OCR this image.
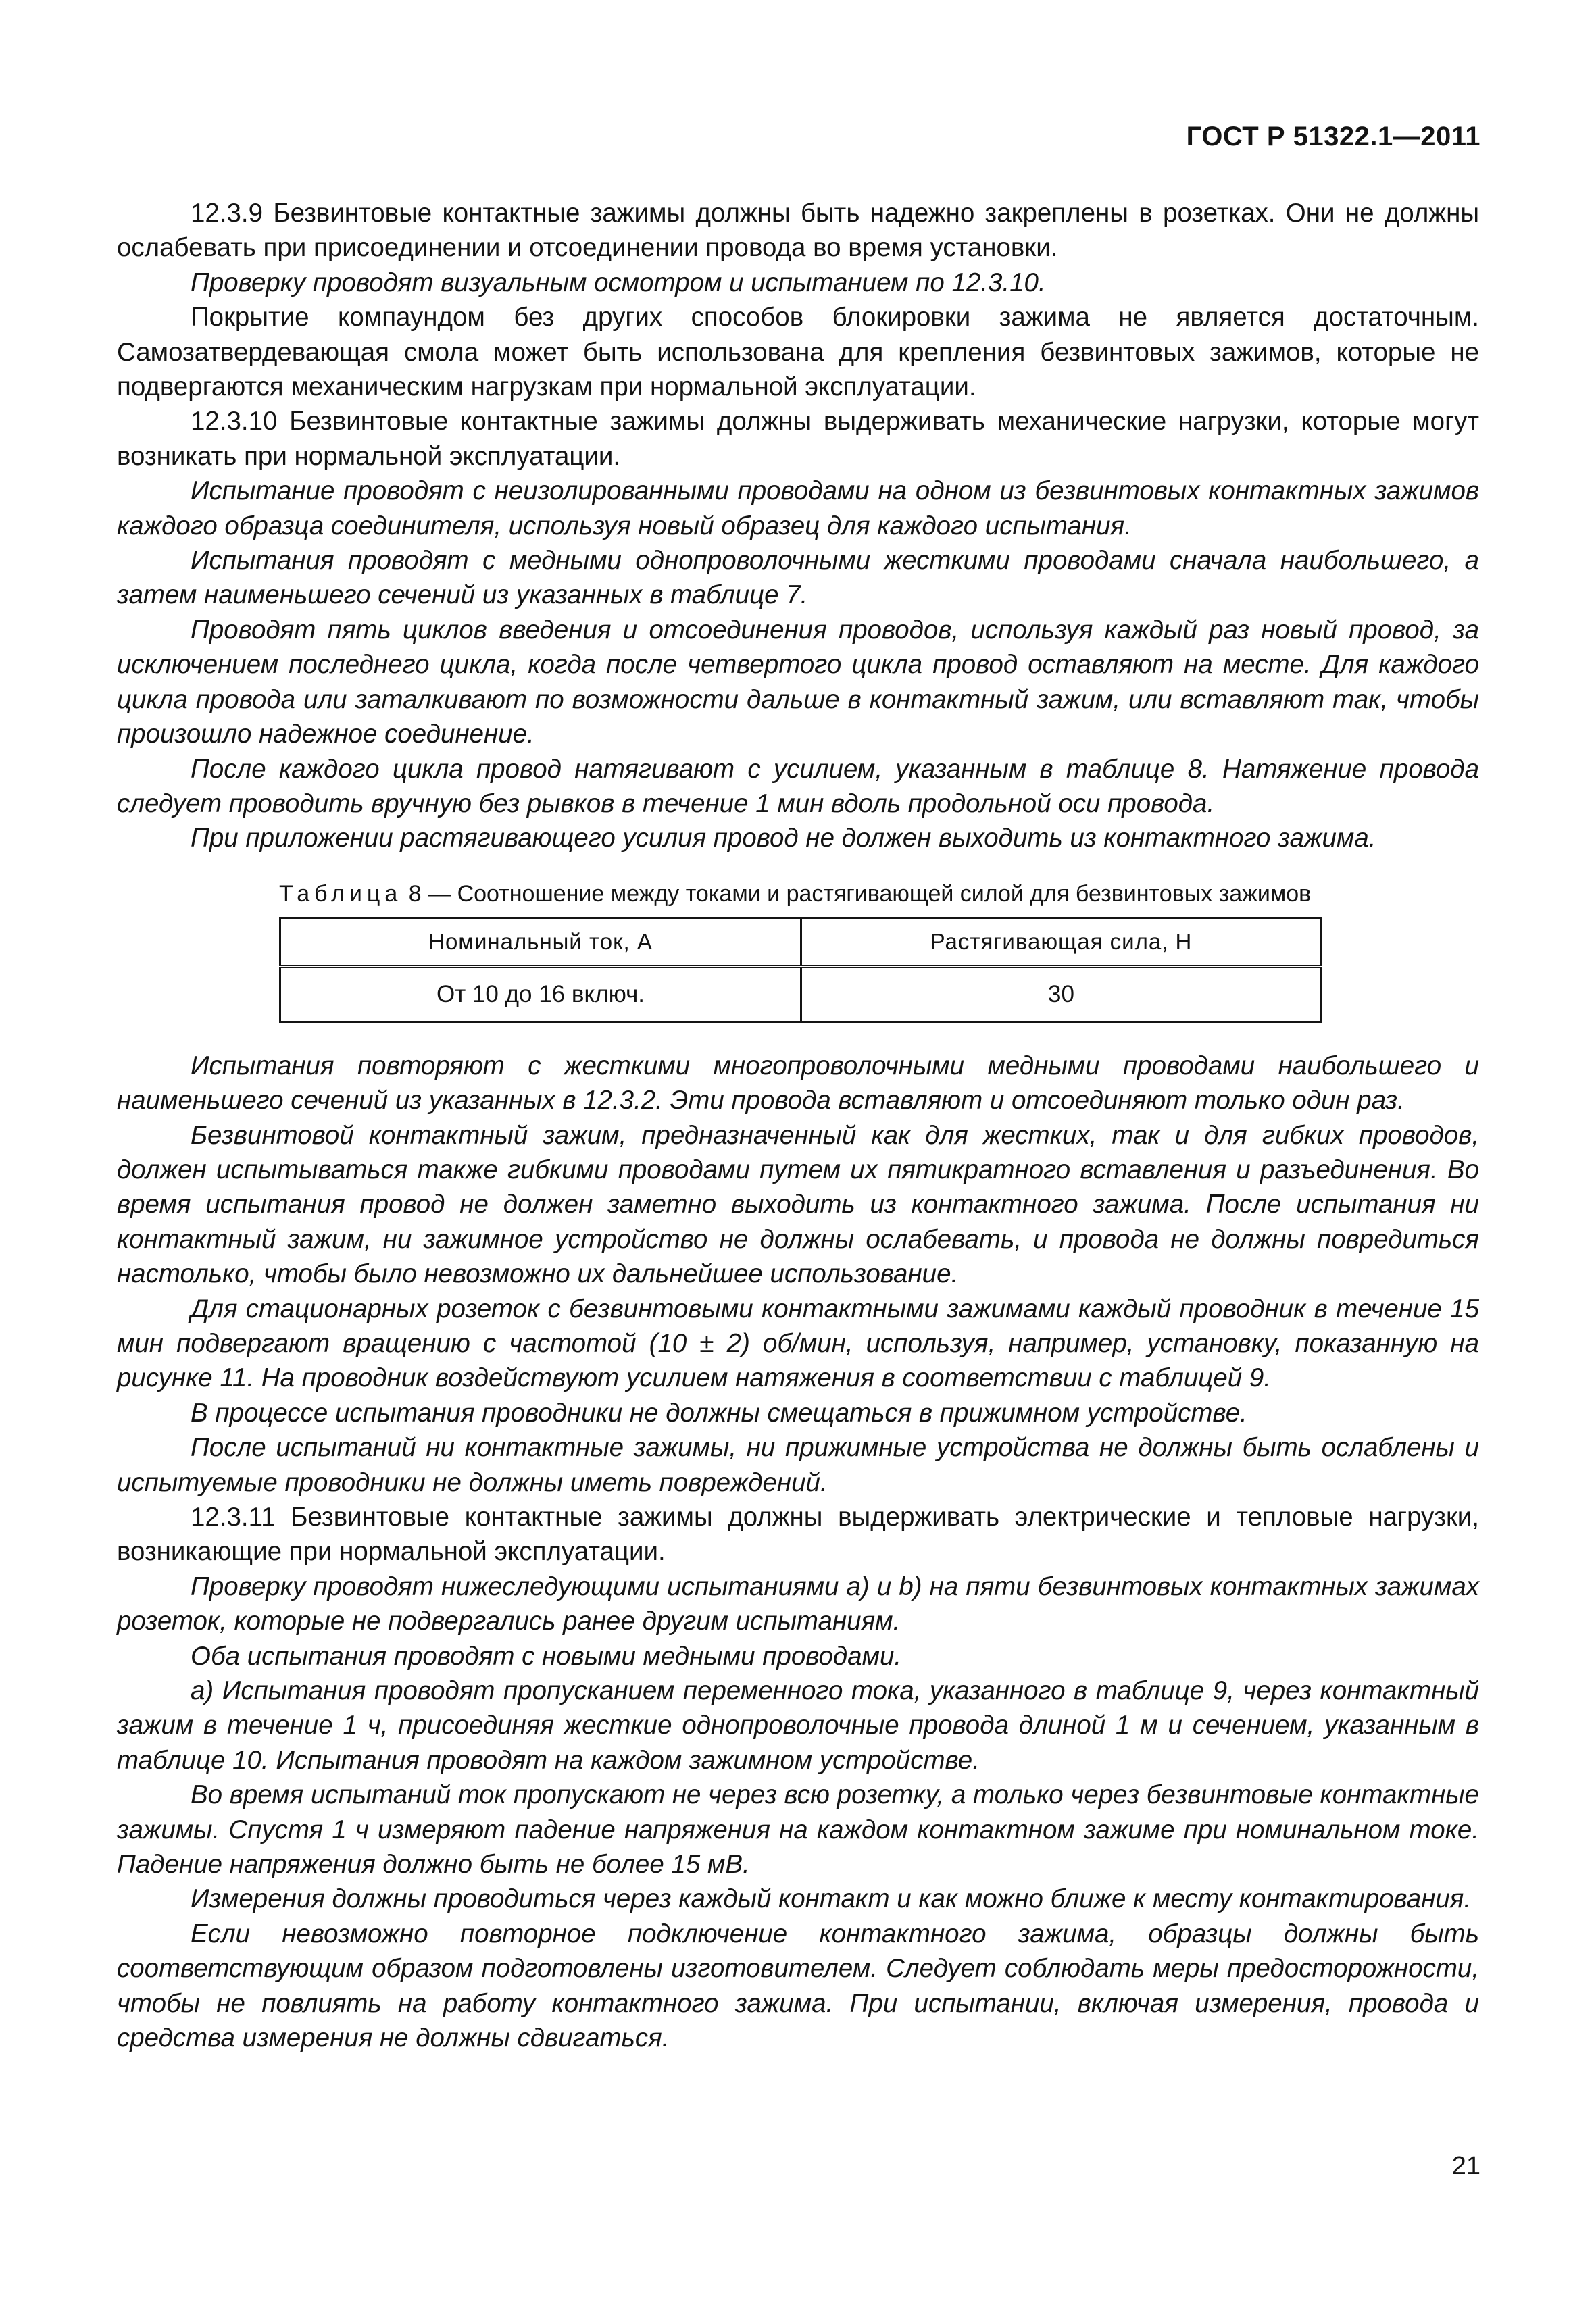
ГОСТ Р 51322.1—2011

12.3.9 Безвинтовые контактные зажимы должны быть надежно закреплены в розетках. Они не должны ослабевать при присоединении и отсоединении провода во время установки.

Проверку проводят визуальным осмотром и испытанием по 12.3.10.

Покрытие компаундом без других способов блокировки зажима не является достаточным. Самозатвердевающая смола может быть использована для крепления безвинтовых зажимов, которые не подвергаются механическим нагрузкам при нормальной эксплуатации.

12.3.10 Безвинтовые контактные зажимы должны выдерживать механические нагрузки, которые могут возникать при нормальной эксплуатации.

Испытание проводят с неизолированными проводами на одном из безвинтовых контактных зажимов каждого образца соединителя, используя новый образец для каждого испытания.

Испытания проводят с медными однопроволочными жесткими проводами сначала наибольшего, а затем наименьшего сечений из указанных в таблице 7.

Проводят пять циклов введения и отсоединения проводов, используя каждый раз новый провод, за исключением последнего цикла, когда после четвертого цикла провод оставляют на месте. Для каждого цикла провода или заталкивают по возможности дальше в контактный зажим, или вставляют так, чтобы произошло надежное соединение.

После каждого цикла провод натягивают с усилием, указанным в таблице 8. Натяжение провода следует проводить вручную без рывков в течение 1 мин вдоль продольной оси провода.

При приложении растягивающего усилия провод не должен выходить из контактного зажима.

Таблица 8 — Соотношение между токами и растягивающей силой для безвинтовых зажимов
Номинальный ток, А	Растягивающая сила, Н
От 10 до 16 включ.	30

Испытания повторяют с жесткими многопроволочными медными проводами наибольшего и наименьшего сечений из указанных в 12.3.2. Эти провода вставляют и отсоединяют только один раз.

Безвинтовой контактный зажим, предназначенный как для жестких, так и для гибких проводов, должен испытываться также гибкими проводами путем их пятикратного вставления и разъединения. Во время испытания провод не должен заметно выходить из контактного зажима. После испытания ни контактный зажим, ни зажимное устройство не должны ослабевать, и провода не должны повредиться настолько, чтобы было невозможно их дальнейшее использование.

Для стационарных розеток с безвинтовыми контактными зажимами каждый проводник в течение 15 мин подвергают вращению с частотой (10 ± 2) об/мин, используя, например, установку, показанную на рисунке 11. На проводник воздействуют усилием натяжения в соответствии с таблицей 9.

В процессе испытания проводники не должны смещаться в прижимном устройстве.

После испытаний ни контактные зажимы, ни прижимные устройства не должны быть ослаблены и испытуемые проводники не должны иметь повреждений.

12.3.11 Безвинтовые контактные зажимы должны выдерживать электрические и тепловые нагрузки, возникающие при нормальной эксплуатации.

Проверку проводят нижеследующими испытаниями a) и b) на пяти безвинтовых контактных зажимах розеток, которые не подвергались ранее другим испытаниям.

Оба испытания проводят с новыми медными проводами.

a) Испытания проводят пропусканием переменного тока, указанного в таблице 9, через контактный зажим в течение 1 ч, присоединяя жесткие однопроволочные провода длиной 1 м и сечением, указанным в таблице 10. Испытания проводят на каждом зажимном устройстве.

Во время испытаний ток пропускают не через всю розетку, а только через безвинтовые контактные зажимы. Спустя 1 ч измеряют падение напряжения на каждом контактном зажиме при номинальном токе. Падение напряжения должно быть не более 15 мВ.

Измерения должны проводиться через каждый контакт и как можно ближе к месту контактирования.

Если невозможно повторное подключение контактного зажима, образцы должны быть соответствующим образом подготовлены изготовителем. Следует соблюдать меры предосторожности, чтобы не повлиять на работу контактного зажима. При испытании, включая измерения, провода и средства измерения не должны сдвигаться.

21
